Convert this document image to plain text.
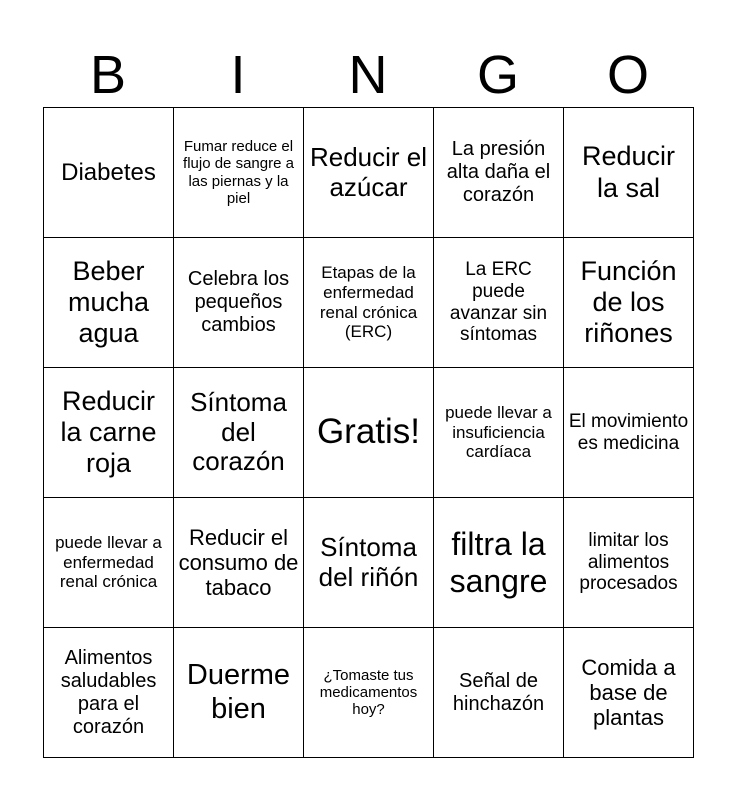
B	I	N	G	O
Diabetes	Fumar reduce el flujo de sangre a las piernas y la piel	Reducir el azúcar	La presión alta daña el corazón	Reducir la sal
Beber mucha agua	Celebra los pequeños cambios	Etapas de la enfermedad renal crónica (ERC)	La ERC puede avanzar sin síntomas	Función de los riñones
Reducir la carne roja	Síntoma del corazón	Gratis!	puede llevar a insuficiencia cardíaca	El movimiento es medicina
puede llevar a enfermedad renal crónica	Reducir el consumo de tabaco	Síntoma del riñón	filtra la sangre	limitar los alimentos procesados
Alimentos saludables para el corazón	Duerme bien	¿Tomaste tus medicamentos hoy?	Señal de hinchazón	Comida a base de plantas
